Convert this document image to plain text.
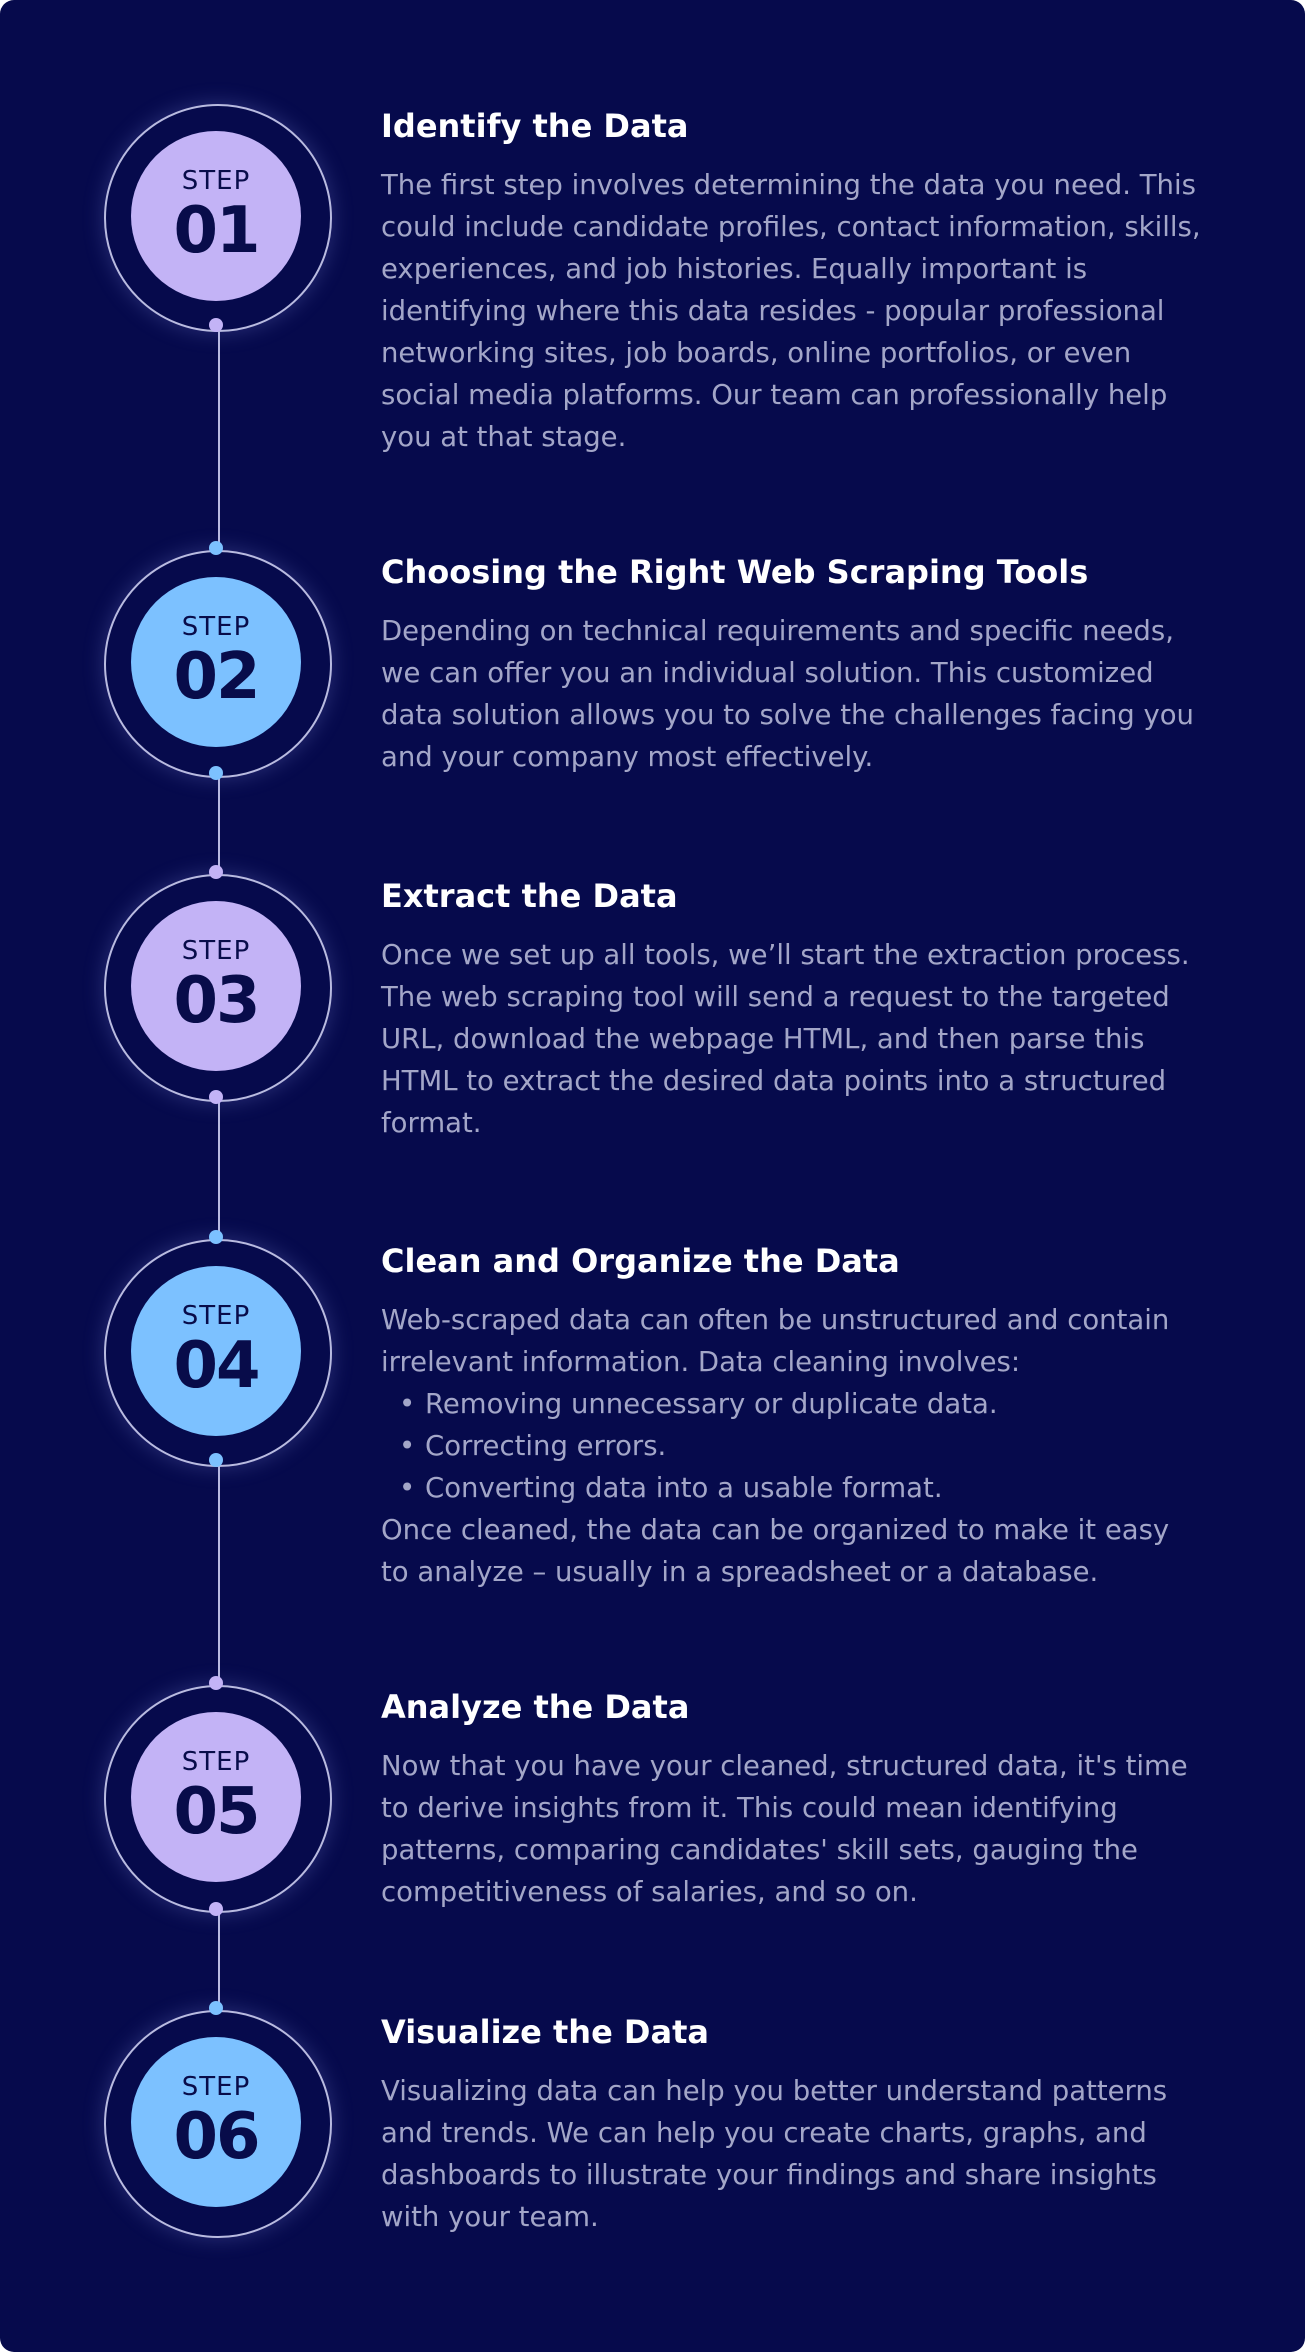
STEP
01
Identify the Data

The first step involves determining the data you need. This could include candidate profiles, contact information, skills, experiences, and job histories. Equally important is identifying where this data resides - popular professional networking sites, job boards, online portfolios, or even social media platforms. Our team can professionally help you at that stage.

STEP
02
Choosing the Right Web Scraping Tools

Depending on technical requirements and specific needs, we can offer you an individual solution. This customized data solution allows you to solve the challenges facing you and your company most effectively.

STEP
03
Extract the Data

Once we set up all tools, we’ll start the extraction process. The web scraping tool will send a request to the targeted URL, download the webpage HTML, and then parse this HTML to extract the desired data points into a structured format.

STEP
04
Clean and Organize the Data

Web-scraped data can often be unstructured and contain irrelevant information. Data cleaning involves:

• Removing unnecessary or duplicate data.
• Correcting errors.
• Converting data into a usable format.

Once cleaned, the data can be organized to make it easy to analyze – usually in a spreadsheet or a database.

STEP
05
Analyze the Data

Now that you have your cleaned, structured data, it's time to derive insights from it. This could mean identifying patterns, comparing candidates' skill sets, gauging the competitiveness of salaries, and so on.

STEP
06
Visualize the Data

Visualizing data can help you better understand patterns and trends. We can help you create charts, graphs, and dashboards to illustrate your findings and share insights with your team.
